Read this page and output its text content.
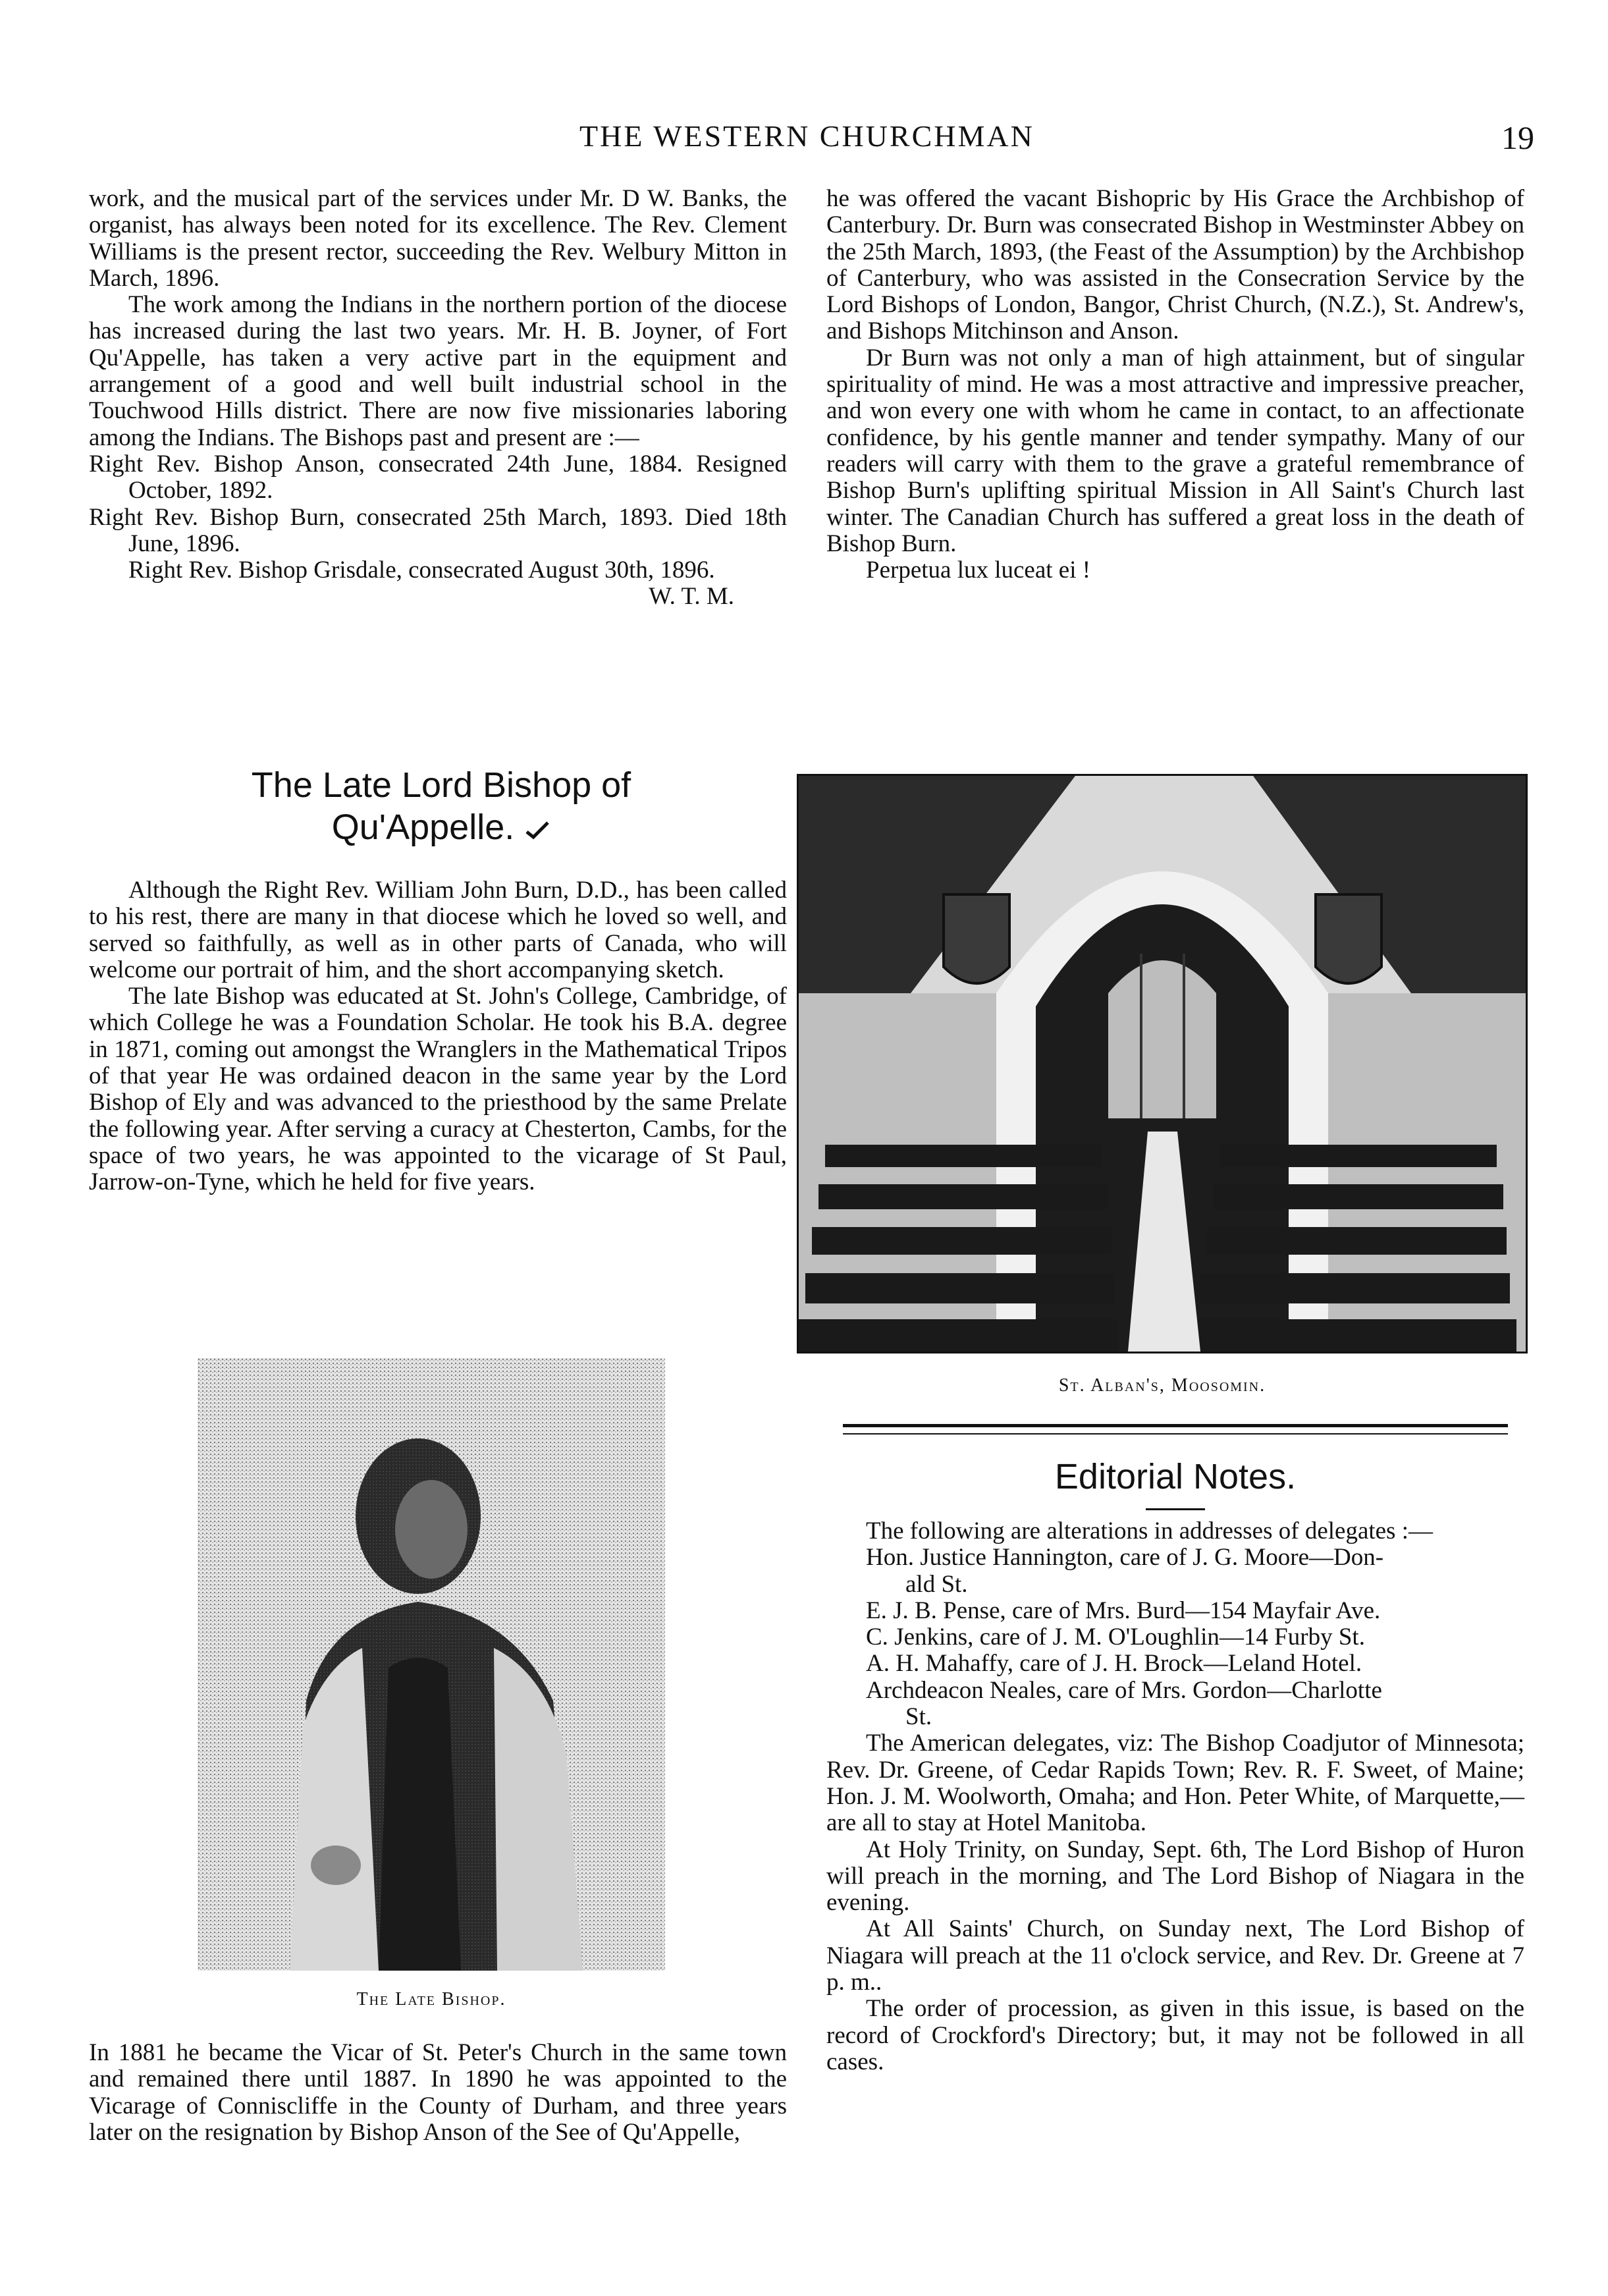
THE WESTERN CHURCHMAN	19

work, and the musical part of the services under Mr. D W. Banks, the organist, has always been noted for its excellence. The Rev. Clement Williams is the present rector, succeeding the Rev. Welbury Mitton in March, 1896.

The work among the Indians in the northern portion of the diocese has increased during the last two years. Mr. H. B. Joyner, of Fort Qu'Appelle, has taken a very active part in the equipment and arrangement of a good and well built industrial school in the Touchwood Hills district. There are now five missionaries laboring among the Indians. The Bishops past and present are :—

Right Rev. Bishop Anson, consecrated 24th June, 1884. Resigned October, 1892.

Right Rev. Bishop Burn, consecrated 25th March, 1893. Died 18th June, 1896.

Right Rev. Bishop Grisdale, consecrated August 30th, 1896.

W. T. M.

The Late Lord Bishop of
Qu'Appelle.

Although the Right Rev. William John Burn, D.D., has been called to his rest, there are many in that diocese which he loved so well, and served so faithfully, as well as in other parts of Canada, who will welcome our portrait of him, and the short accompanying sketch.

The late Bishop was educated at St. John's College, Cambridge, of which College he was a Foundation Scholar. He took his B.A. degree in 1871, coming out amongst the Wranglers in the Mathematical Tripos of that year He was ordained deacon in the same year by the Lord Bishop of Ely and was advanced to the priesthood by the same Prelate the following year. After serving a curacy at Chesterton, Cambs, for the space of two years, he was appointed to the vicarage of St Paul, Jarrow-on-Tyne, which he held for five years.

The Late Bishop.

In 1881 he became the Vicar of St. Peter's Church in the same town and remained there until 1887. In 1890 he was appointed to the Vicarage of Conniscliffe in the County of Durham, and three years later on the resignation by Bishop Anson of the See of Qu'Appelle,

he was offered the vacant Bishopric by His Grace the Archbishop of Canterbury. Dr. Burn was consecrated Bishop in Westminster Abbey on the 25th March, 1893, (the Feast of the Assumption) by the Archbishop of Canterbury, who was assisted in the Consecration Service by the Lord Bishops of London, Bangor, Christ Church, (N.Z.), St. Andrew's, and Bishops Mitchinson and Anson.

Dr Burn was not only a man of high attainment, but of singular spirituality of mind. He was a most attractive and impressive preacher, and won every one with whom he came in contact, to an affectionate confidence, by his gentle manner and tender sympathy. Many of our readers will carry with them to the grave a grateful remembrance of Bishop Burn's uplifting spiritual Mission in All Saint's Church last winter. The Canadian Church has suffered a great loss in the death of Bishop Burn.

Perpetua lux luceat ei !

St. Alban's, Moosomin.
Editorial Notes.

The following are alterations in addresses of delegates :—

Hon. Justice Hannington, care of J. G. Moore—Don-

ald St.

E. J. B. Pense, care of Mrs. Burd—154 Mayfair Ave.

C. Jenkins, care of J. M. O'Loughlin—14 Furby St.

A. H. Mahaffy, care of J. H. Brock—Leland Hotel.

Archdeacon Neales, care of Mrs. Gordon—Charlotte

St.

The American delegates, viz: The Bishop Coadjutor of Minnesota; Rev. Dr. Greene, of Cedar Rapids Town; Rev. R. F. Sweet, of Maine; Hon. J. M. Woolworth, Omaha; and Hon. Peter White, of Marquette,—are all to stay at Hotel Manitoba.

At Holy Trinity, on Sunday, Sept. 6th, The Lord Bishop of Huron will preach in the morning, and The Lord Bishop of Niagara in the evening.

At All Saints' Church, on Sunday next, The Lord Bishop of Niagara will preach at the 11 o'clock service, and Rev. Dr. Greene at 7 p. m..

The order of procession, as given in this issue, is based on the record of Crockford's Directory; but, it may not be followed in all cases.
